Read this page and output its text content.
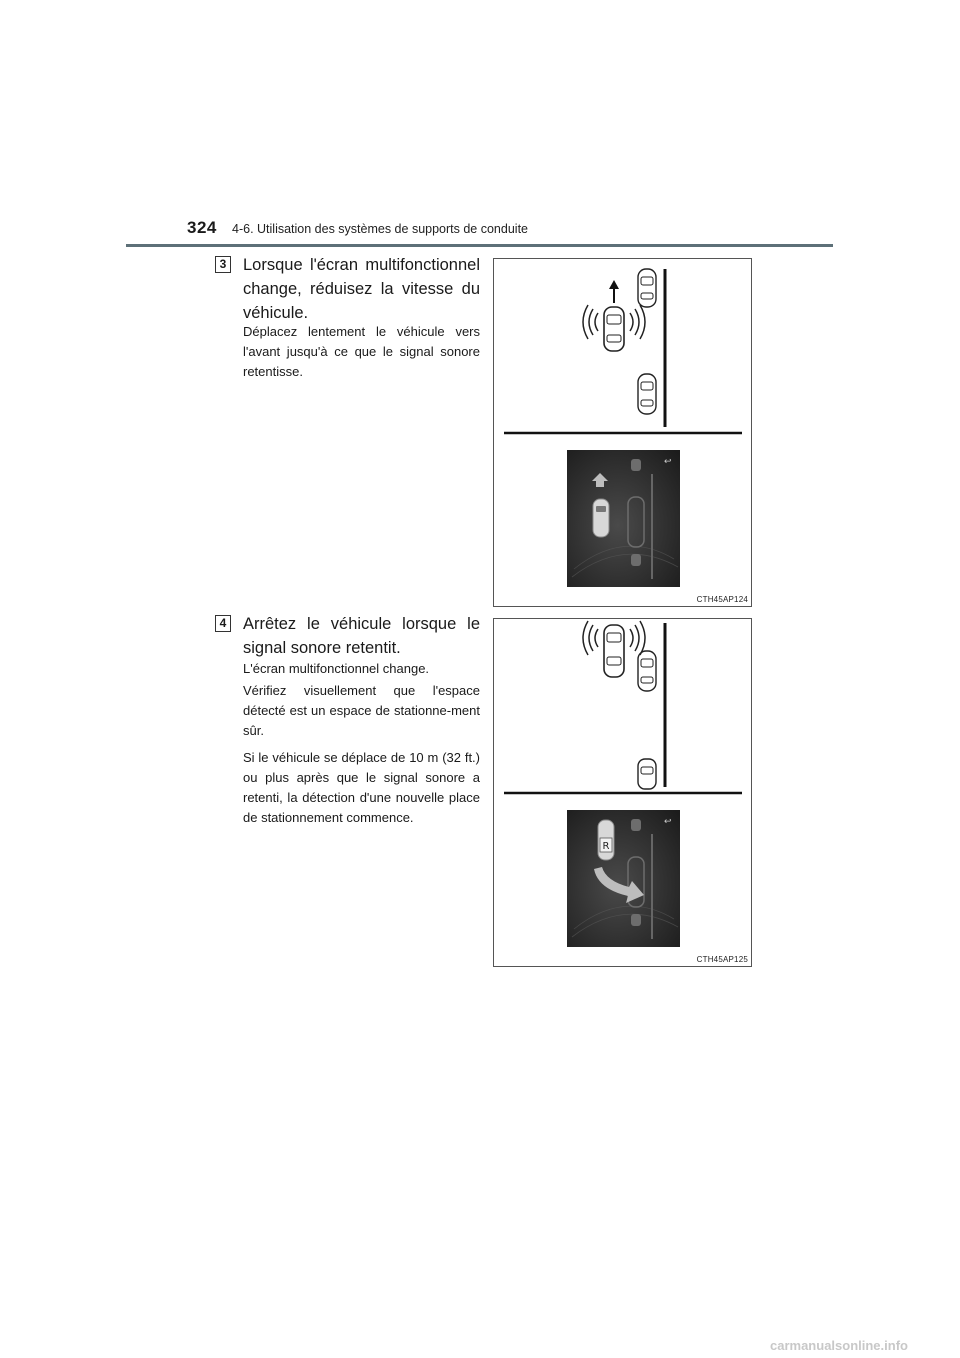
324 4-6. Utilisation des systèmes de supports de conduite
3 Lorsque l'écran multifonctionnel change, réduisez la vitesse du véhicule.

Déplacez lentement le véhicule vers l'avant jusqu'à ce que le signal sonore retentisse.

↩
CTH45AP124
4 Arrêtez le véhicule lorsque le signal sonore retentit.

L'écran multifonctionnel change.

Vérifiez visuellement que l'espace détecté est un espace de stationne-ment sûr.

Si le véhicule se déplace de 10 m (32 ft.) ou plus après que le signal sonore a retenti, la détection d'une nouvelle place de stationnement commence.

R
↩
CTH45AP125
carmanualsonline.info
